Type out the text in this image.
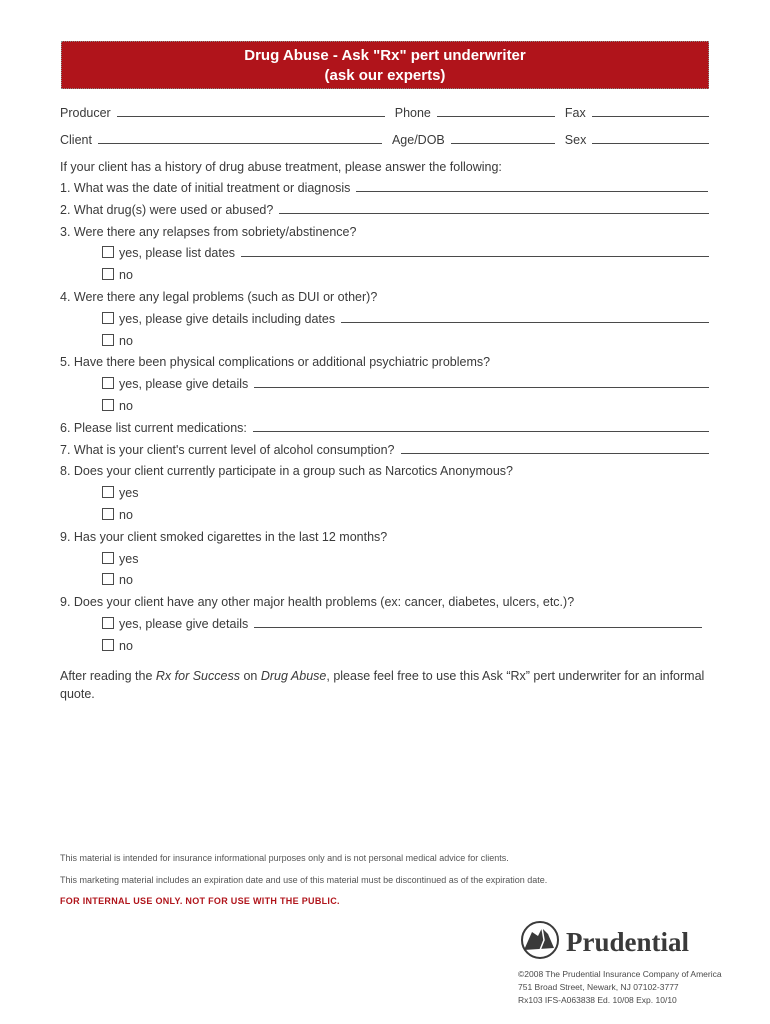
Drug Abuse - Ask "Rx" pert underwriter
(ask our experts)
Producer	Phone	Fax
Client	Age/DOB	Sex
If your client has a history of drug abuse treatment, please answer the following:
1. What was the date of initial treatment or diagnosis
2. What drug(s) were used or abused?
3. Were there any relapses from sobriety/abstinence?
yes, please list dates
no
4. Were there any legal problems (such as DUI or other)?
yes, please give details including dates
no
5. Have there been physical complications or additional psychiatric problems?
yes, please give details
no
6. Please list current medications:
7. What is your client's current level of alcohol consumption?
8. Does your client currently participate in a group such as Narcotics Anonymous?
yes
no
9. Has your client smoked cigarettes in the last 12 months?
yes
no
9. Does your client have any other major health problems (ex: cancer, diabetes, ulcers, etc.)?
yes, please give details
no
After reading the Rx for Success on Drug Abuse, please feel free to use this Ask “Rx” pert underwriter for an informal quote.
This material is intended for insurance informational purposes only and is not personal medical advice for clients.
This marketing material includes an expiration date and use of this material must be discontinued as of the expiration date.
FOR INTERNAL USE ONLY. NOT FOR USE WITH THE PUBLIC.
Prudential
©2008 The Prudential Insurance Company of America
751 Broad Street, Newark, NJ 07102-3777
Rx103 IFS-A063838 Ed. 10/08 Exp. 10/10
